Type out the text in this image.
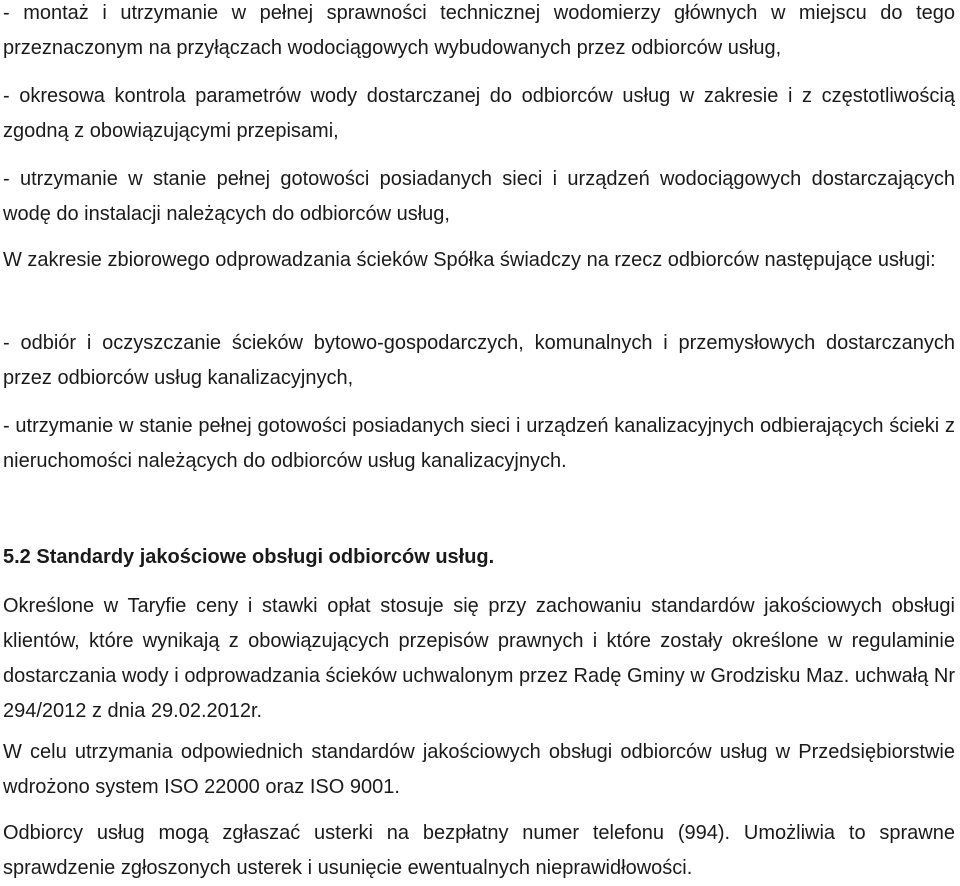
- montaż i utrzymanie w pełnej sprawności technicznej wodomierzy głównych w miejscu do tego przeznaczonym na przyłączach wodociągowych wybudowanych przez odbiorców usług,

- okresowa kontrola parametrów wody dostarczanej do odbiorców usług w zakresie i z częstotliwością zgodną z obowiązującymi przepisami,

- utrzymanie w stanie pełnej gotowości posiadanych sieci i urządzeń wodociągowych dostarczających wodę do instalacji należących do odbiorców usług,

W zakresie zbiorowego odprowadzania ścieków Spółka świadczy na rzecz odbiorców następujące usługi:

- odbiór i oczyszczanie ścieków bytowo-gospodarczych, komunalnych i przemysłowych dostarczanych przez odbiorców usług kanalizacyjnych,

- utrzymanie w stanie pełnej gotowości posiadanych sieci i urządzeń kanalizacyjnych odbierających ścieki z nieruchomości należących do odbiorców usług kanalizacyjnych.

5.2 Standardy jakościowe obsługi odbiorców usług.

Określone w Taryfie ceny i stawki opłat stosuje się przy zachowaniu standardów jakościowych obsługi klientów, które wynikają z obowiązujących przepisów prawnych i które zostały określone w regulaminie dostarczania wody i odprowadzania ścieków uchwalonym przez Radę Gminy w Grodzisku Maz. uchwałą Nr 294/2012 z dnia 29.02.2012r.

W celu utrzymania odpowiednich standardów jakościowych obsługi odbiorców usług w Przedsiębiorstwie wdrożono system ISO 22000 oraz ISO 9001.

Odbiorcy usług mogą zgłaszać usterki na bezpłatny numer telefonu (994). Umożliwia to sprawne sprawdzenie zgłoszonych usterek i usunięcie ewentualnych nieprawidłowości.
